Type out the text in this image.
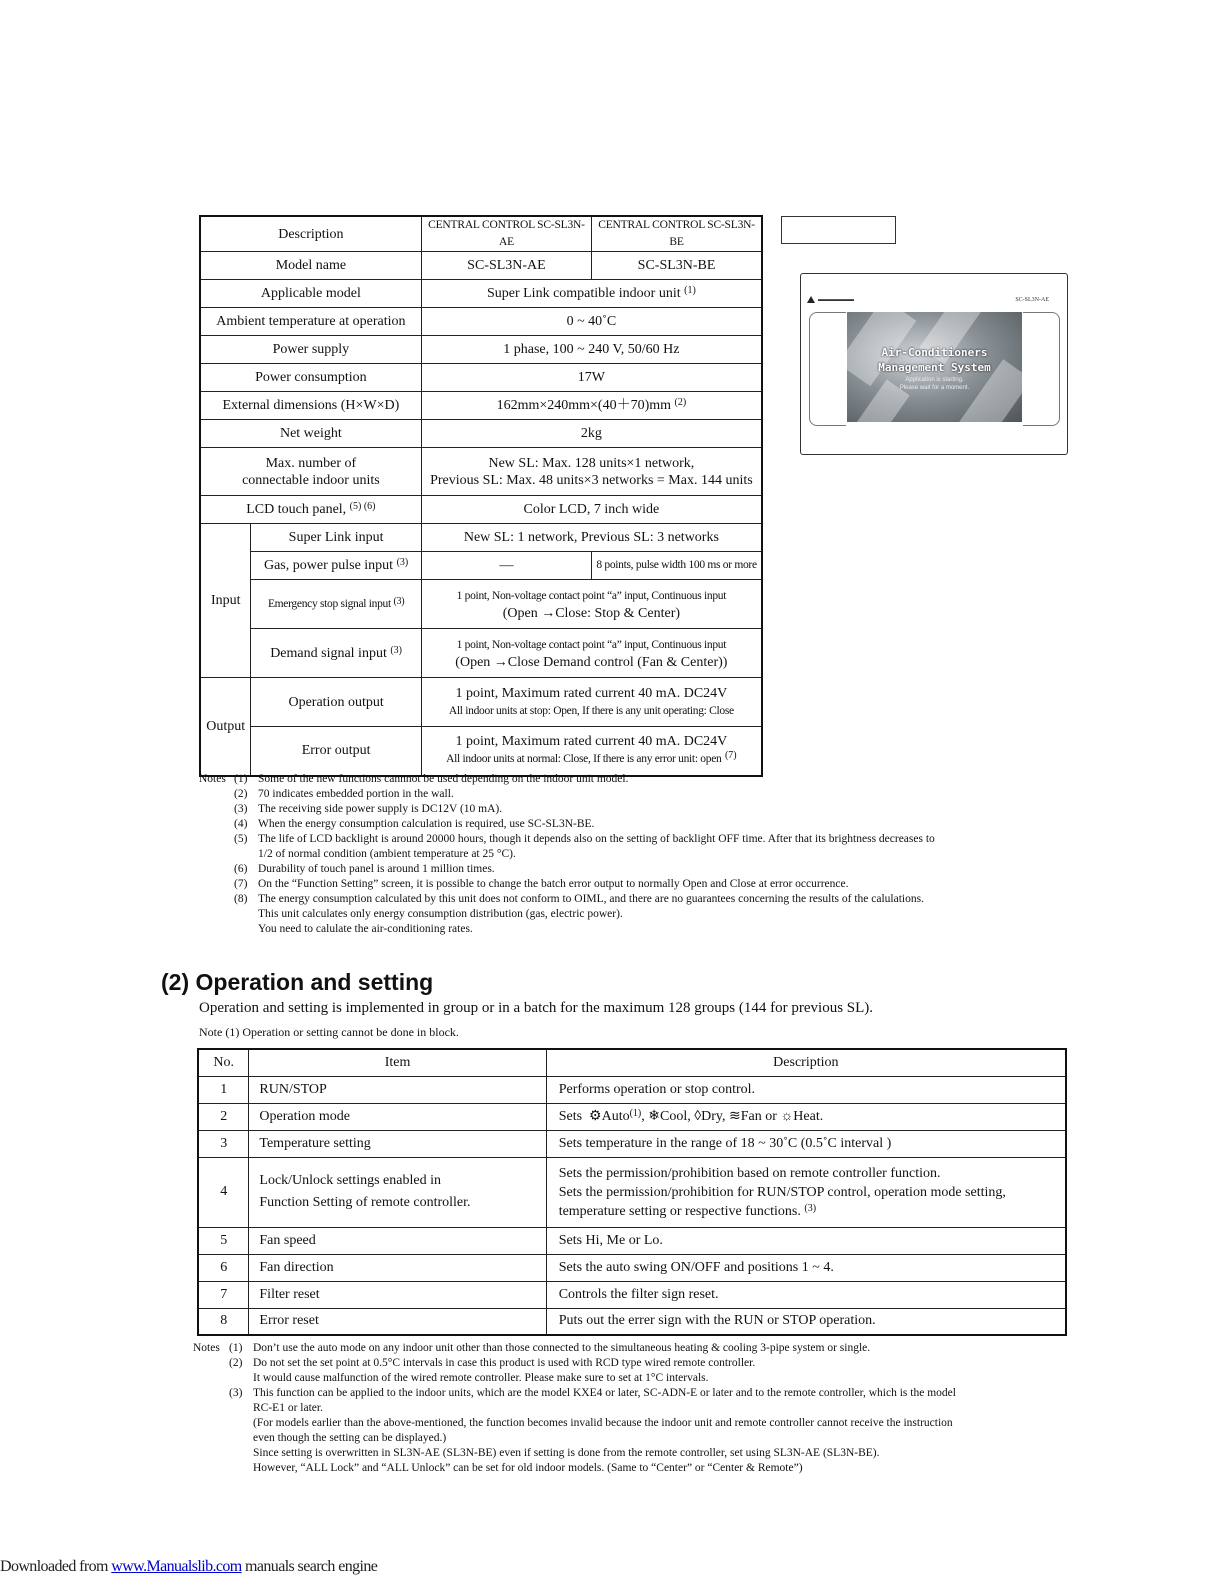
Description		CENTRAL CONTROL SC-SL3N-AE	CENTRAL CONTROL SC-SL3N-BE
Model name		SC-SL3N-AE	SC-SL3N-BE
Applicable model		Super Link compatible indoor unit $^{(1)}$
Ambient temperature at operation		0 ~ 40˚C	
Power supply		1 phase, 100 ~ 240 V, 50/60 Hz	
Power consumption		17W	
External dimensions (H×W×D)		162mm×240mm×(40＋70)mm $^{(2)}$
Net weight		2kg	
Max. number of
connectable indoor units		New SL: Max. 128 units×1 network,
Previous SL: Max. 48 units×3 networks = Max. 144 units	
LCD touch panel, $^{(5) (6)}$		Color LCD, 7 inch wide	
Input	Super Link input	New SL: 1 network, Previous SL: 3 networks	
	Gas, power pulse input $^{(3)}$	—	8 points, pulse width 100 ms or more
	Emergency stop signal input $^{(3)}$	1 point, Non-voltage contact point “a” input, Continuous input
(Open →Close: Stop & Center)	
	Demand signal input $^{(3)}$	1 point, Non-voltage contact point “a” input, Continuous input
(Open →Close Demand control (Fan & Center))	
Output	Operation output	1 point, Maximum rated current 40 mA. DC24V
All indoor units at stop: Open, If there is any unit operating: Close	
	Error output	1 point, Maximum rated current 40 mA. DC24V
All indoor units at normal: Close, If there is any error unit: open $^{(7)}$
▬▬▬▬▬▬	SC-SL3N-AE
Air-Conditioners
Management System
Application is starting.
Please wait for a moment.
Notes (1) Some of the new functions cannnot be used depending on the indoor unit model.
(2) 70 indicates embedded portion in the wall.
(3) The receiving side power supply is DC12V (10 mA).
(4) When the energy consumption calculation is required, use SC-SL3N-BE.
(5) The life of LCD backlight is around 20000 hours, though it depends also on the setting of backlight OFF time. After that its brightness decreases to
1/2 of normal condition (ambient temperature at 25 °C).
(6) Durability of touch panel is around 1 million times.
(7) On the “Function Setting” screen, it is possible to change the batch error output to normally Open and Close at error occurrence.
(8) The energy consumption calculated by this unit does not conform to OIML, and there are no guarantees concerning the results of the calulations.
This unit calculates only energy consumption distribution (gas, electric power).
You need to calulate the air-conditioning rates.
(2) Operation and setting
Operation and setting is implemented in group or in a batch for the maximum 128 groups (144 for previous SL).
Note (1) Operation or setting cannot be done in block.
No.	Item	Description
1	RUN/STOP	Performs operation or stop control.
2	Operation mode	Sets ⚙Auto$^{(1)}$, ❄Cool, ◊Dry, ≋Fan or ☼Heat.
3	Temperature setting	Sets temperature in the range of 18 ~ 30˚C (0.5˚C interval )
4	Lock/Unlock settings enabled in
Function Setting of remote controller.	Sets the permission/prohibition based on remote controller function.
Sets the permission/prohibition for RUN/STOP control, operation mode setting,
temperature setting or respective functions. $^{(3)}$
5	Fan speed	Sets Hi, Me or Lo.
6	Fan direction	Sets the auto swing ON/OFF and positions 1 ~ 4.
7	Filter reset	Controls the filter sign reset.
8	Error reset	Puts out the errer sign with the RUN or STOP operation.
Notes (1) Don’t use the auto mode on any indoor unit other than those connected to the simultaneous heating & cooling 3-pipe system or single.
(2) Do not set the set point at 0.5°C intervals in case this product is used with RCD type wired remote controller.
It would cause malfunction of the wired remote controller. Please make sure to set at 1°C intervals.
(3) This function can be applied to the indoor units, which are the model KXE4 or later, SC-ADN-E or later and to the remote controller, which is the model
RC-E1 or later.
(For models earlier than the above-mentioned, the function becomes invalid because the indoor unit and remote controller cannot receive the instruction
even though the setting can be displayed.)
Since setting is overwritten in SL3N-AE (SL3N-BE) even if setting is done from the remote controller, set using SL3N-AE (SL3N-BE).
However, “ALL Lock” and “ALL Unlock” can be set for old indoor models. (Same to “Center” or “Center & Remote”)
Downloaded from www.Manualslib.com manuals search engine
